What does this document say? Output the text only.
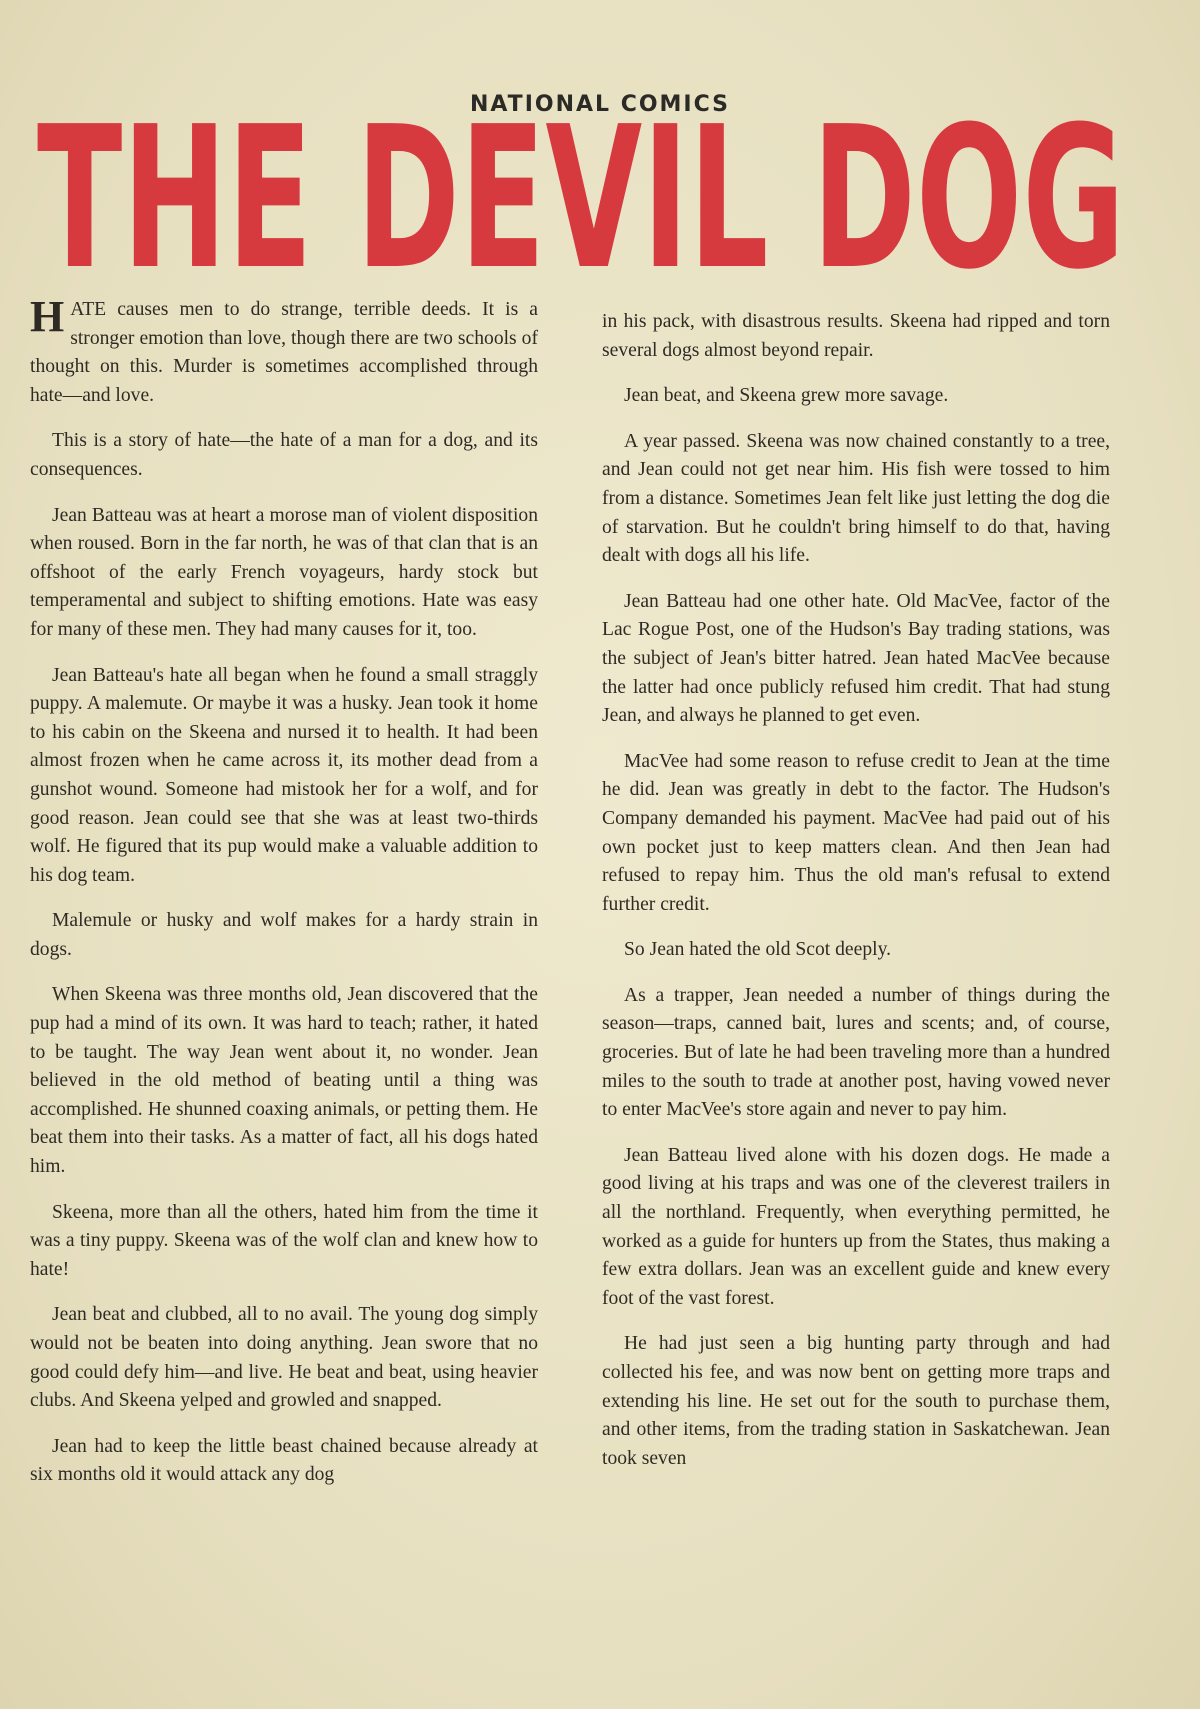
NATIONAL COMICS
THE DEVIL DOG

HATE causes men to do strange, terrible deeds. It is a stronger emotion than love, though there are two schools of thought on this. Murder is sometimes accomplished through hate—and love.

This is a story of hate—the hate of a man for a dog, and its consequences.

Jean Batteau was at heart a morose man of violent disposition when roused. Born in the far north, he was of that clan that is an offshoot of the early French voyageurs, hardy stock but temperamental and subject to shifting emotions. Hate was easy for many of these men. They had many causes for it, too.

Jean Batteau's hate all began when he found a small straggly puppy. A malemute. Or maybe it was a husky. Jean took it home to his cabin on the Skeena and nursed it to health. It had been almost frozen when he came across it, its mother dead from a gunshot wound. Someone had mistook her for a wolf, and for good reason. Jean could see that she was at least two-thirds wolf. He figured that its pup would make a valuable addition to his dog team.

Malemule or husky and wolf makes for a hardy strain in dogs.

When Skeena was three months old, Jean discovered that the pup had a mind of its own. It was hard to teach; rather, it hated to be taught. The way Jean went about it, no wonder. Jean believed in the old method of beating until a thing was accomplished. He shunned coaxing animals, or petting them. He beat them into their tasks. As a matter of fact, all his dogs hated him.

Skeena, more than all the others, hated him from the time it was a tiny puppy. Skeena was of the wolf clan and knew how to hate!

Jean beat and clubbed, all to no avail. The young dog simply would not be beaten into doing anything. Jean swore that no good could defy him—and live. He beat and beat, using heavier clubs. And Skeena yelped and growled and snapped.

Jean had to keep the little beast chained because already at six months old it would attack any dog

in his pack, with disastrous results. Skeena had ripped and torn several dogs almost beyond repair.

Jean beat, and Skeena grew more savage.

A year passed. Skeena was now chained constantly to a tree, and Jean could not get near him. His fish were tossed to him from a distance. Sometimes Jean felt like just letting the dog die of starvation. But he couldn't bring himself to do that, having dealt with dogs all his life.

Jean Batteau had one other hate. Old MacVee, factor of the Lac Rogue Post, one of the Hudson's Bay trading stations, was the subject of Jean's bitter hatred. Jean hated MacVee because the latter had once publicly refused him credit. That had stung Jean, and always he planned to get even.

MacVee had some reason to refuse credit to Jean at the time he did. Jean was greatly in debt to the factor. The Hudson's Company demanded his payment. MacVee had paid out of his own pocket just to keep matters clean. And then Jean had refused to repay him. Thus the old man's refusal to extend further credit.

So Jean hated the old Scot deeply.

As a trapper, Jean needed a number of things during the season—traps, canned bait, lures and scents; and, of course, groceries. But of late he had been traveling more than a hundred miles to the south to trade at another post, having vowed never to enter MacVee's store again and never to pay him.

Jean Batteau lived alone with his dozen dogs. He made a good living at his traps and was one of the cleverest trailers in all the northland. Frequently, when everything permitted, he worked as a guide for hunters up from the States, thus making a few extra dollars. Jean was an excellent guide and knew every foot of the vast forest.

He had just seen a big hunting party through and had collected his fee, and was now bent on getting more traps and extending his line. He set out for the south to purchase them, and other items, from the trading station in Saskatchewan. Jean took seven
